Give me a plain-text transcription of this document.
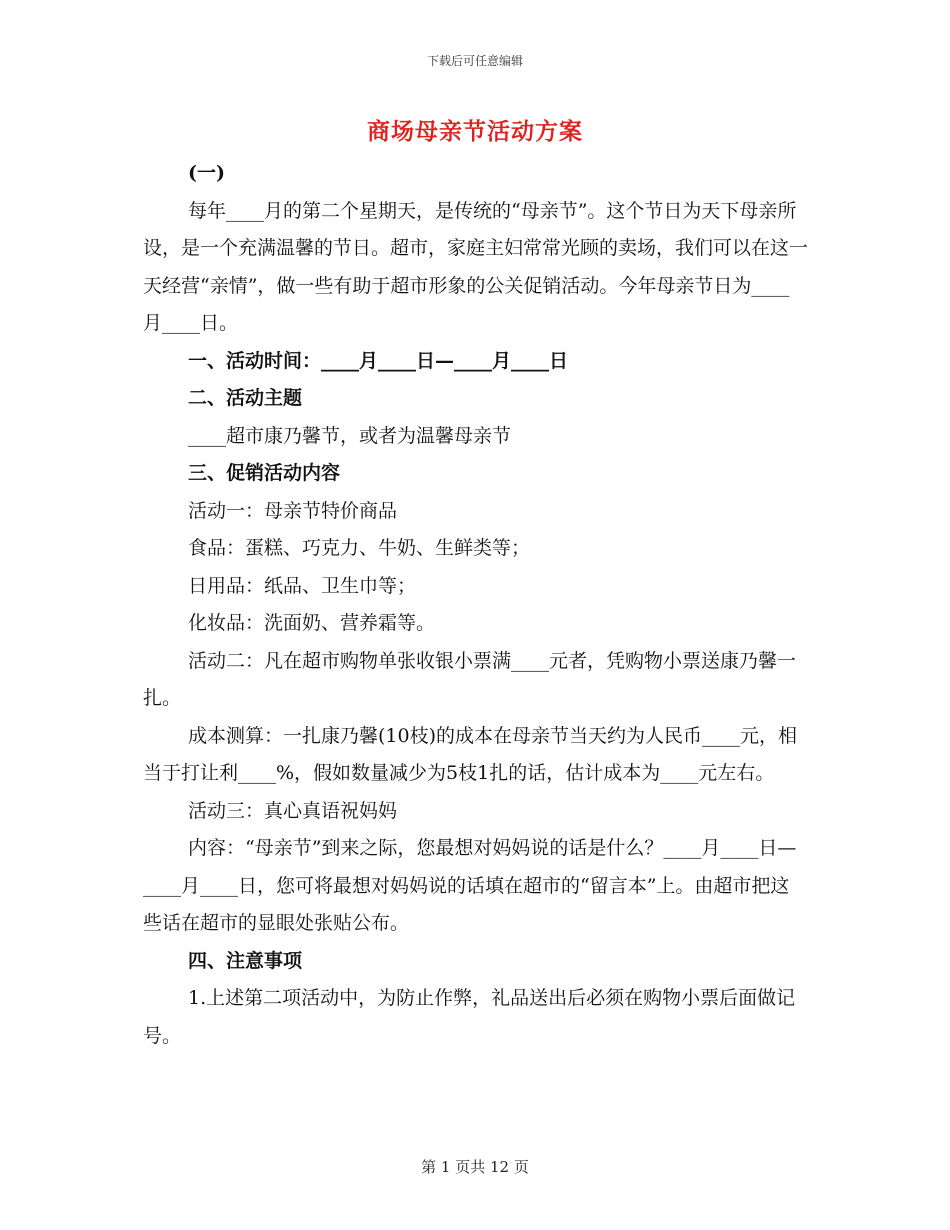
下载后可任意编辑
商场母亲节活动方案

(一)

每年____月的第二个星期天，是传统的“母亲节”。这个节日为天下母亲所设，是一个充满温馨的节日。超市，家庭主妇常常光顾的卖场，我们可以在这一天经营“亲情”，做一些有助于超市形象的公关促销活动。今年母亲节日为____月____日。

一、活动时间：____月____日—____月____日

二、活动主题

____超市康乃馨节，或者为温馨母亲节

三、促销活动内容

活动一：母亲节特价商品

食品：蛋糕、巧克力、牛奶、生鲜类等；

日用品：纸品、卫生巾等；

化妆品：洗面奶、营养霜等。

活动二：凡在超市购物单张收银小票满____元者，凭购物小票送康乃馨一扎。

成本测算：一扎康乃馨(10枝)的成本在母亲节当天约为人民币____元，相当于打让利____%，假如数量减少为5枝1扎的话，估计成本为____元左右。

活动三：真心真语祝妈妈

内容：“母亲节”到来之际，您最想对妈妈说的话是什么？____月____日—____月____日，您可将最想对妈妈说的话填在超市的“留言本”上。由超市把这些话在超市的显眼处张贴公布。

四、注意事项

1.上述第二项活动中，为防止作弊，礼品送出后必须在购物小票后面做记号。

第 1 页共 12 页
